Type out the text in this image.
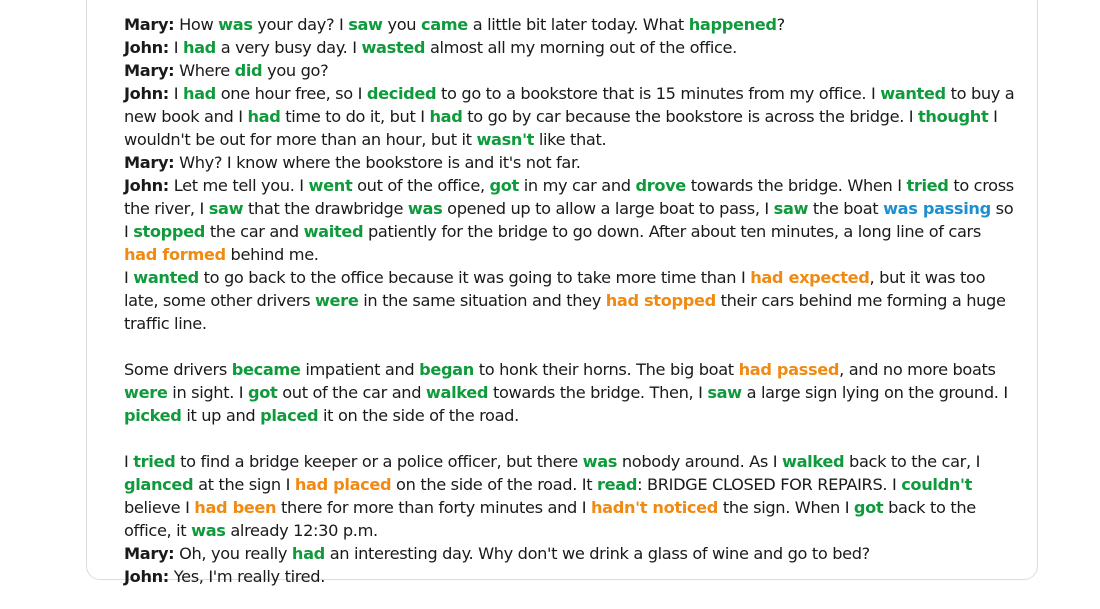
Mary: How was your day? I saw you came a little bit later today. What happened?
John: I had a very busy day. I wasted almost all my morning out of the office.
Mary: Where did you go?
John: I had one hour free, so I decided to go to a bookstore that is 15 minutes from my office. I wanted to buy a new book and I had time to do it, but I had to go by car because the bookstore is across the bridge. I thought I wouldn't be out for more than an hour, but it wasn't like that.
Mary: Why? I know where the bookstore is and it's not far.
John: Let me tell you. I went out of the office, got in my car and drove towards the bridge. When I tried to cross the river, I saw that the drawbridge was opened up to allow a large boat to pass, I saw the boat was passing so I stopped the car and waited patiently for the bridge to go down. After about ten minutes, a long line of cars had formed behind me.
I wanted to go back to the office because it was going to take more time than I had expected, but it was too late, some other drivers were in the same situation and they had stopped their cars behind me forming a huge traffic line.
Some drivers became impatient and began to honk their horns. The big boat had passed, and no more boats were in sight. I got out of the car and walked towards the bridge. Then, I saw a large sign lying on the ground. I picked it up and placed it on the side of the road.
I tried to find a bridge keeper or a police officer, but there was nobody around. As I walked back to the car, I glanced at the sign I had placed on the side of the road. It read: BRIDGE CLOSED FOR REPAIRS. I couldn't believe I had been there for more than forty minutes and I hadn't noticed the sign. When I got back to the office, it was already 12:30 p.m.
Mary: Oh, you really had an interesting day. Why don't we drink a glass of wine and go to bed?
John: Yes, I'm really tired.
